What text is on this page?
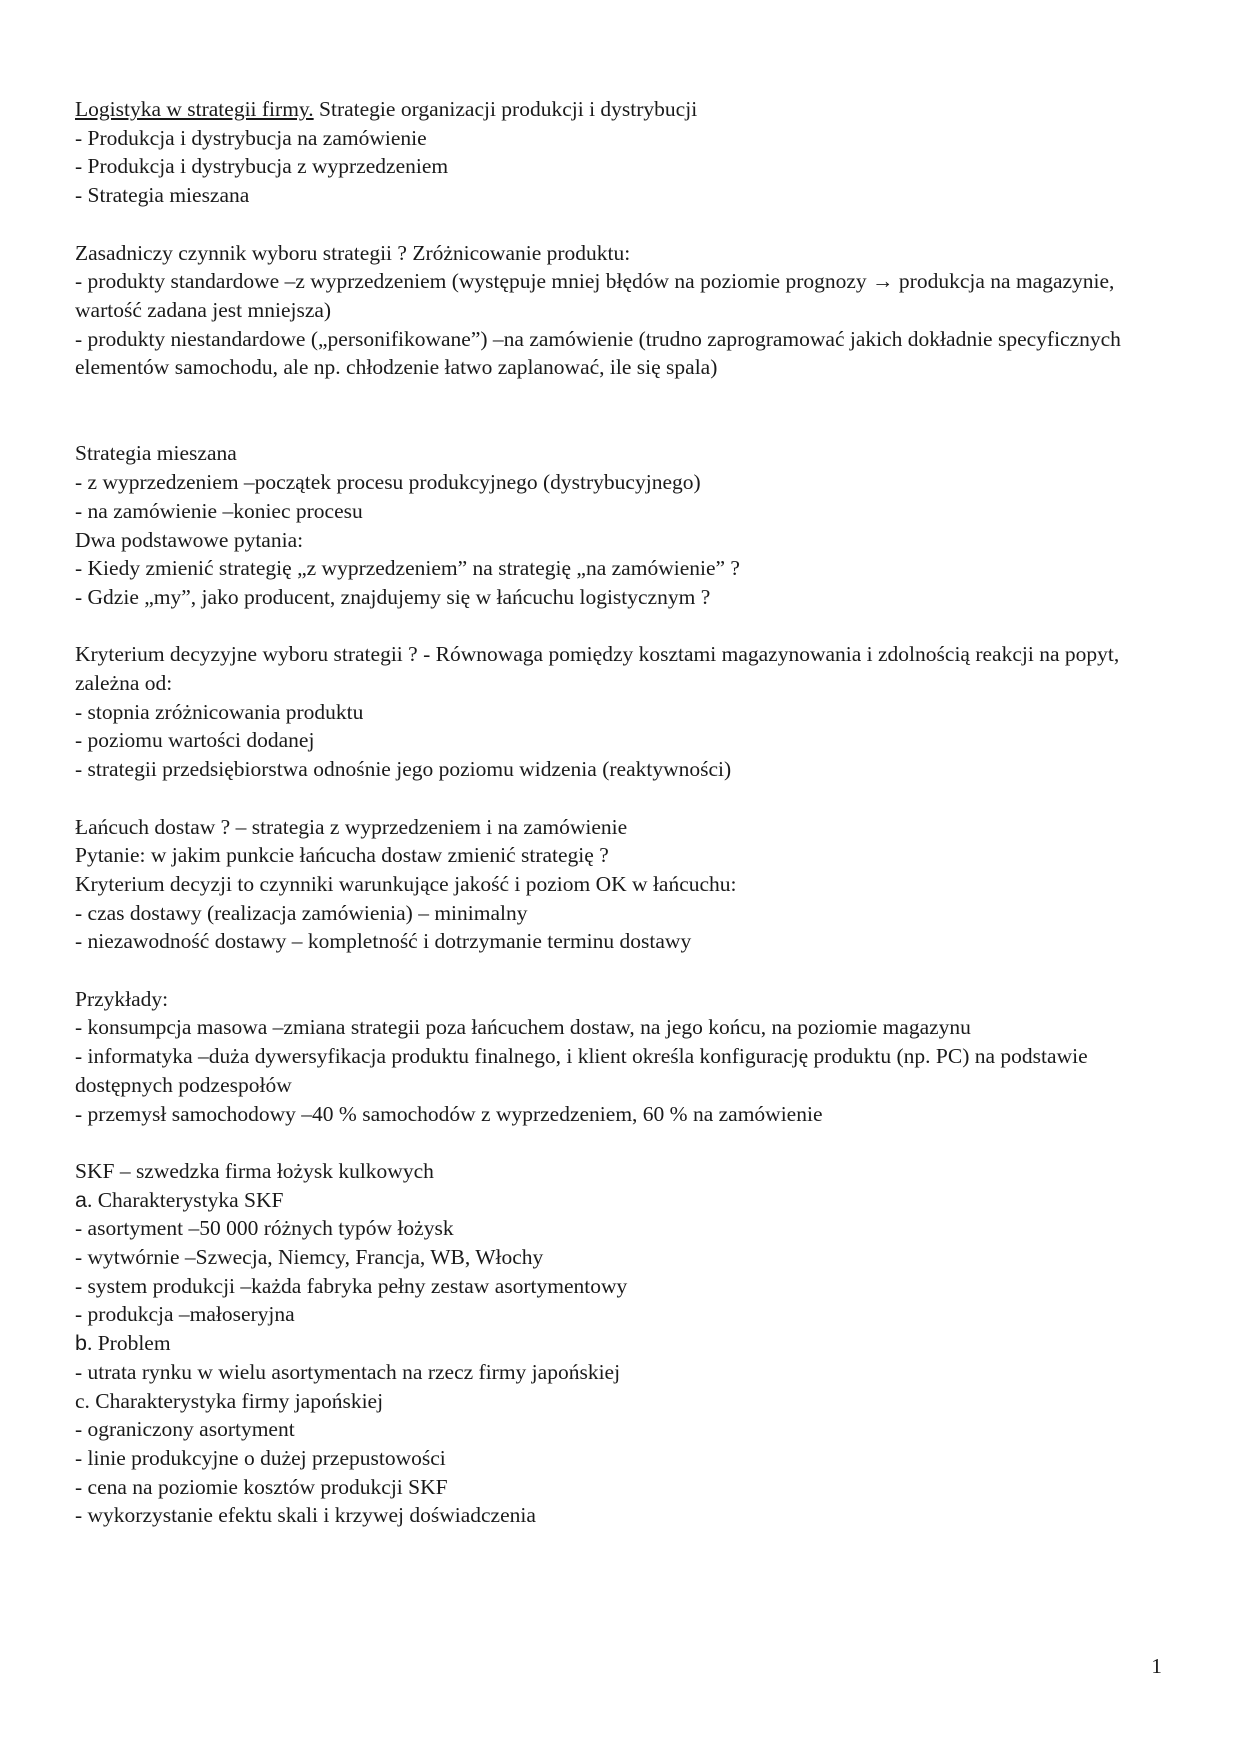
Logistyka w strategii firmy. Strategie organizacji produkcji i dystrybucji

- Produkcja i dystrybucja na zamówienie

- Produkcja i dystrybucja z wyprzedzeniem

- Strategia mieszana

Zasadniczy czynnik wyboru strategii ? Zróżnicowanie produktu:

- produkty standardowe –z wyprzedzeniem (występuje mniej błędów na poziomie prognozy → produkcja na magazynie, wartość zadana jest mniejsza)

- produkty niestandardowe („personifikowane”) –na zamówienie (trudno zaprogramować jakich dokładnie specyficznych elementów samochodu, ale np. chłodzenie łatwo zaplanować, ile się spala)

Strategia mieszana

- z wyprzedzeniem –początek procesu produkcyjnego (dystrybucyjnego)

- na zamówienie –koniec procesu

Dwa podstawowe pytania:

- Kiedy zmienić strategię „z wyprzedzeniem” na strategię „na zamówienie” ?

- Gdzie „my”, jako producent, znajdujemy się w łańcuchu logistycznym ?

Kryterium decyzyjne wyboru strategii ? - Równowaga pomiędzy kosztami magazynowania i zdolnością reakcji na popyt, zależna od:

- stopnia zróżnicowania produktu

- poziomu wartości dodanej

- strategii przedsiębiorstwa odnośnie jego poziomu widzenia (reaktywności)

Łańcuch dostaw ? – strategia z wyprzedzeniem i na zamówienie

Pytanie: w jakim punkcie łańcucha dostaw zmienić strategię ?

Kryterium decyzji to czynniki warunkujące jakość i poziom OK w łańcuchu:

- czas dostawy (realizacja zamówienia) – minimalny

- niezawodność dostawy – kompletność i dotrzymanie terminu dostawy

Przykłady:

- konsumpcja masowa –zmiana strategii poza łańcuchem dostaw, na jego końcu, na poziomie magazynu

- informatyka –duża dywersyfikacja produktu finalnego, i klient określa konfigurację produktu (np. PC) na podstawie dostępnych podzespołów

- przemysł samochodowy –40 % samochodów z wyprzedzeniem, 60 % na zamówienie

SKF – szwedzka firma łożysk kulkowych

a. Charakterystyka SKF

- asortyment –50 000 różnych typów łożysk

- wytwórnie –Szwecja, Niemcy, Francja, WB, Włochy

- system produkcji –każda fabryka pełny zestaw asortymentowy

- produkcja –małoseryjna

b. Problem

- utrata rynku w wielu asortymentach na rzecz firmy japońskiej

c. Charakterystyka firmy japońskiej

- ograniczony asortyment

- linie produkcyjne o dużej przepustowości

- cena na poziomie kosztów produkcji SKF

- wykorzystanie efektu skali i krzywej doświadczenia

1
